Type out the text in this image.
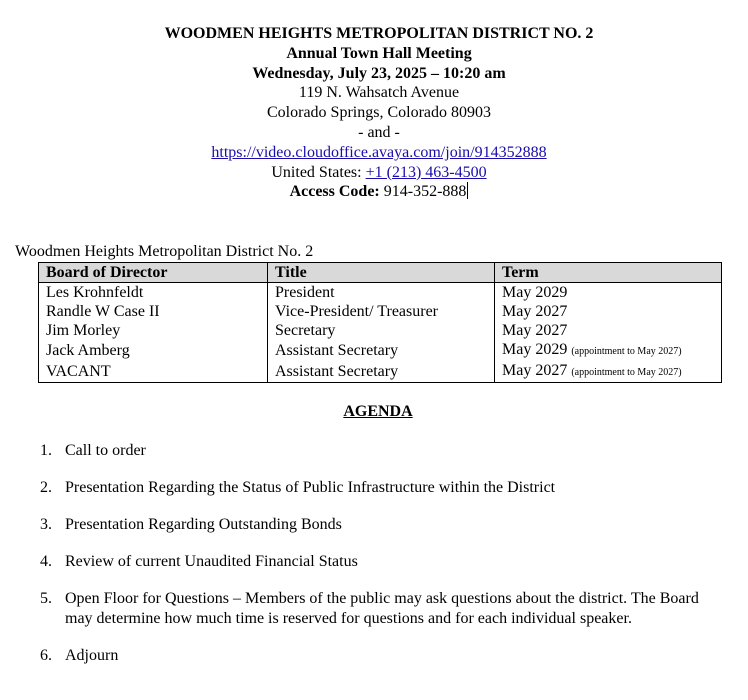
WOODMEN HEIGHTS METROPOLITAN DISTRICT NO. 2
Annual Town Hall Meeting
Wednesday, July 23, 2025 – 10:20 am
119 N. Wahsatch Avenue
Colorado Springs, Colorado 80903
- and -
https://video.cloudoffice.avaya.com/join/914352888
United States: +1 (213) 463-4500
Access Code: 914-352-888
Woodmen Heights Metropolitan District No. 2
Board of Director	Title	Term
Les Krohnfeldt	President	May 2029
Randle W Case II	Vice-President/ Treasurer	May 2027
Jim Morley	Secretary	May 2027
Jack Amberg	Assistant Secretary	May 2029 (appointment to May 2027)
VACANT	Assistant Secretary	May 2027 (appointment to May 2027)
AGENDA
1. Call to order
2. Presentation Regarding the Status of Public Infrastructure within the District
3. Presentation Regarding Outstanding Bonds
4. Review of current Unaudited Financial Status
5. Open Floor for Questions – Members of the public may ask questions about the district. The Board may determine how much time is reserved for questions and for each individual speaker.
6. Adjourn
